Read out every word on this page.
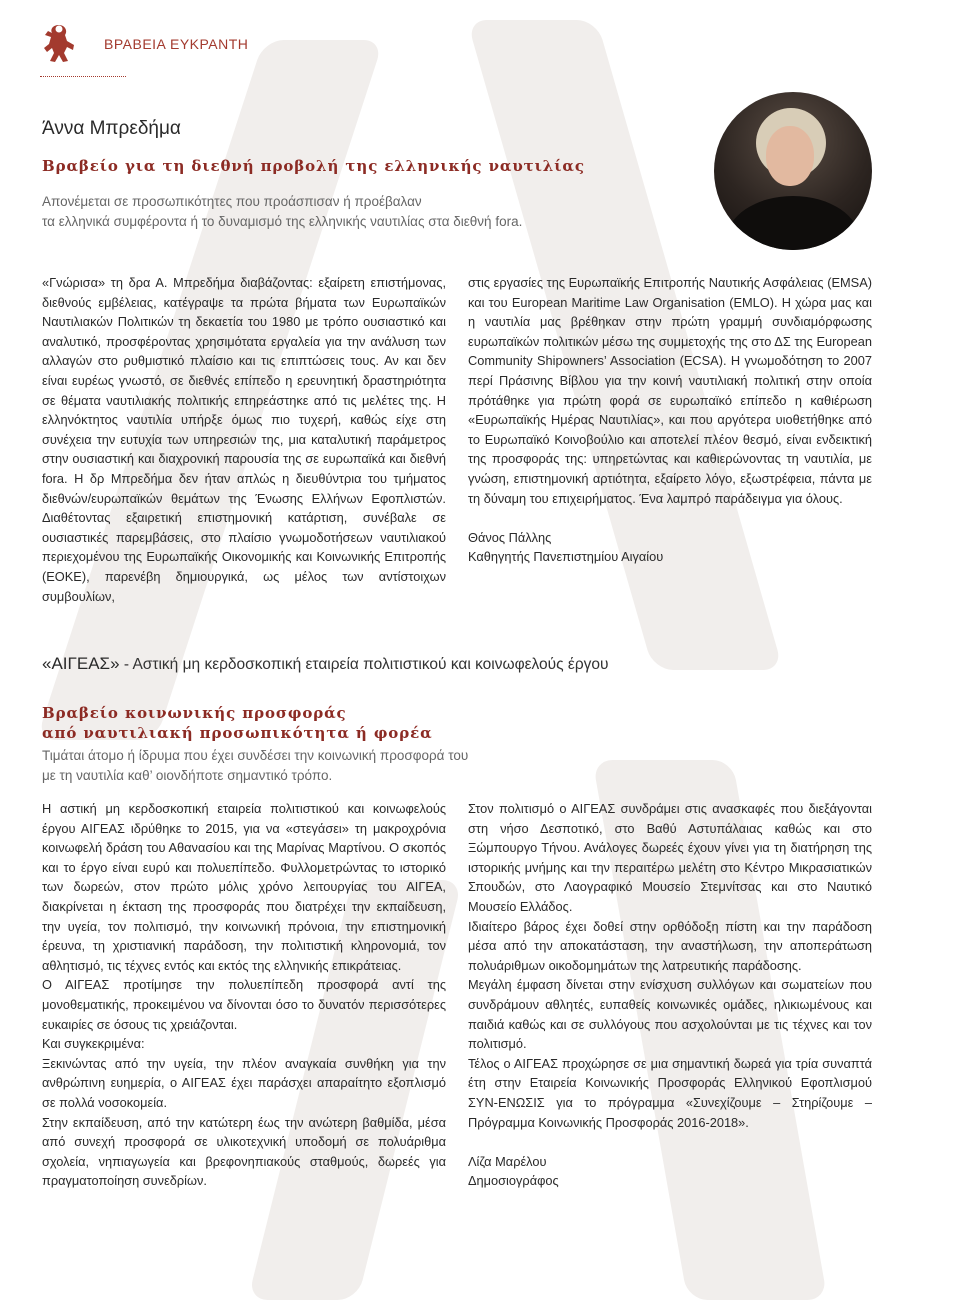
ΒΡΑΒΕΙΑ ΕΥΚΡΑΝΤΗ
Άννα Μπρεδήμα
Βραβείο για τη διεθνή προβολή της ελληνικής ναυτιλίας
Απονέμεται σε προσωπικότητες που προάσπισαν ή προέβαλαν
τα ελληνικά συμφέροντα ή το δυναμισμό της ελληνικής ναυτιλίας στα διεθνή fora.

«Γνώρισα» τη δρα Α. Μπρεδήμα διαβάζοντας: εξαίρετη επιστήμονας, διεθνούς εμβέλειας, κατέγραψε τα πρώτα βήματα των Ευρωπαϊκών Ναυτιλιακών Πολιτικών τη δεκαετία του 1980 με τρόπο ουσιαστικό και αναλυτικό, προσφέροντας χρησιμότατα εργαλεία για την ανάλυση των αλλαγών στο ρυθμιστικό πλαίσιο και τις επιπτώσεις τους. Αν και δεν είναι ευρέως γνωστό, σε διεθνές επίπεδο η ερευνητική δραστηριότητα σε θέματα ναυτιλιακής πολιτικής επηρεάστηκε από τις μελέτες της. Η ελληνόκτητος ναυτιλία υπήρξε όμως πιο τυχερή, καθώς είχε στη συνέχεια την ευτυχία των υπηρεσιών της, μια καταλυτική παράμετρος στην ουσιαστική και διαχρονική παρουσία της σε ευρωπαϊκά και διεθνή fora. Η δρ Μπρεδήμα δεν ήταν απλώς η διευθύντρια του τμήματος διεθνών/ευρωπαϊκών θεμάτων της Ένωσης Ελλήνων Εφοπλιστών. Διαθέτοντας εξαιρετική επιστημονική κατάρτιση, συνέβαλε σε ουσιαστικές παρεμβάσεις, στο πλαίσιο γνωμοδοτήσεων ναυτιλιακού περιεχομένου της Ευρωπαϊκής Οικονομικής και Κοινωνικής Επιτροπής (ΕΟΚΕ), παρενέβη δημιουργικά, ως μέλος των αντίστοιχων συμβουλίων,

στις εργασίες της Ευρωπαϊκής Επιτροπής Ναυτικής Ασφάλειας (EMSA) και του European Maritime Law Organisation (EMLO). Η χώρα μας και η ναυτιλία μας βρέθηκαν στην πρώτη γραμμή συνδιαμόρφωσης ευρωπαϊκών πολιτικών μέσω της συμμετοχής της στο ΔΣ της European Community Shipowners’ Association (ECSA). Η γνωμοδότηση το 2007 περί Πράσινης Βίβλου για την κοινή ναυτιλιακή πολιτική στην οποία πρότάθηκε για πρώτη φορά σε ευρωπαϊκό επίπεδο η καθιέρωση «Ευρωπαϊκής Ημέρας Ναυτιλίας», και που αργότερα υιοθετήθηκε από το Ευρωπαϊκό Κοινοβούλιο και αποτελεί πλέον θεσμό, είναι ενδεικτική της προσφοράς της: υπηρετώντας και καθιερώνοντας τη ναυτιλία, με γνώση, επιστημονική αρτιότητα, εξαίρετο λόγο, εξωστρέφεια, πάντα με τη δύναμη του επιχειρήματος. Ένα λαμπρό παράδειγμα για όλους.

Θάνος Πάλλης

Καθηγητής Πανεπιστημίου Αιγαίου

«ΑΙΓΕΑΣ» - Αστική μη κερδοσκοπική εταιρεία πολιτιστικού και κοινωφελούς έργου
Βραβείο κοινωνικής προσφοράς
από ναυτιλιακή προσωπικότητα ή φορέα
Τιμάται άτομο ή ίδρυμα που έχει συνδέσει την κοινωνική προσφορά του
με τη ναυτιλία καθ’ οιονδήποτε σημαντικό τρόπο.

Η αστική μη κερδοσκοπική εταιρεία πολιτιστικού και κοινωφελούς έργου ΑΙΓΕΑΣ ιδρύθηκε το 2015, για να «στεγάσει» τη μακροχρόνια κοινωφελή δράση του Αθανασίου και της Μαρίνας Μαρτίνου. Ο σκοπός και το έργο είναι ευρύ και πολυεπίπεδο. Φυλλομετρώντας το ιστορικό των δωρεών, στον πρώτο μόλις χρόνο λειτουργίας του ΑΙΓΕΑ, διακρίνεται η έκταση της προσφοράς που διατρέχει την εκπαίδευση, την υγεία, τον πολιτισμό, την κοινωνική πρόνοια, την επιστημονική έρευνα, τη χριστιανική παράδοση, την πολιτιστική κληρονομιά, τον αθλητισμό, τις τέχνες εντός και εκτός της ελληνικής επικράτειας.

Ο ΑΙΓΕΑΣ προτίμησε την πολυεπίπεδη προσφορά αντί της μονοθεματικής, προκειμένου να δίνονται όσο το δυνατόν περισσότερες ευκαιρίες σε όσους τις χρειάζονται.

Και συγκεκριμένα:

Ξεκινώντας από την υγεία, την πλέον αναγκαία συνθήκη για την ανθρώπινη ευημερία, ο ΑΙΓΕΑΣ έχει παράσχει απαραίτητο εξοπλισμό σε πολλά νοσοκομεία.

Στην εκπαίδευση, από την κατώτερη έως την ανώτερη βαθμίδα, μέσα από συνεχή προσφορά σε υλικοτεχνική υποδομή σε πολυάριθμα σχολεία, νηπιαγωγεία και βρεφονηπιακούς σταθμούς, δωρεές για πραγματοποίηση συνεδρίων.

Στον πολιτισμό ο ΑΙΓΕΑΣ συνδράμει στις ανασκαφές που διεξάγονται στη νήσο Δεσποτικό, στο Βαθύ Αστυπάλαιας καθώς και στο Ξώμπουργο Τήνου. Ανάλογες δωρεές έχουν γίνει για τη διατήρηση της ιστορικής μνήμης και την περαιτέρω μελέτη στο Κέντρο Μικρασιατικών Σπουδών, στο Λαογραφικό Μουσείο Στεμνίτσας και στο Ναυτικό Μουσείο Ελλάδος.

Ιδιαίτερο βάρος έχει δοθεί στην ορθόδοξη πίστη και την παράδοση μέσα από την αποκατάσταση, την αναστήλωση, την αποπεράτωση πολυάριθμων οικοδομημάτων της λατρευτικής παράδοσης.

Μεγάλη έμφαση δίνεται στην ενίσχυση συλλόγων και σωματείων που συνδράμουν αθλητές, ευπαθείς κοινωνικές ομάδες, ηλικιωμένους και παιδιά καθώς και σε συλλόγους που ασχολούνται με τις τέχνες και τον πολιτισμό.

Τέλος ο ΑΙΓΕΑΣ προχώρησε σε μια σημαντική δωρεά για τρία συναπτά έτη στην Εταιρεία Κοινωνικής Προσφοράς Ελληνικού Εφοπλισμού ΣΥΝ-ΕΝΩΣΙΣ για το πρόγραμμα «Συνεχίζουμε – Στηρίζουμε – Πρόγραμμα Κοινωνικής Προσφοράς 2016-2018».

Λίζα Μαρέλου

Δημοσιογράφος
